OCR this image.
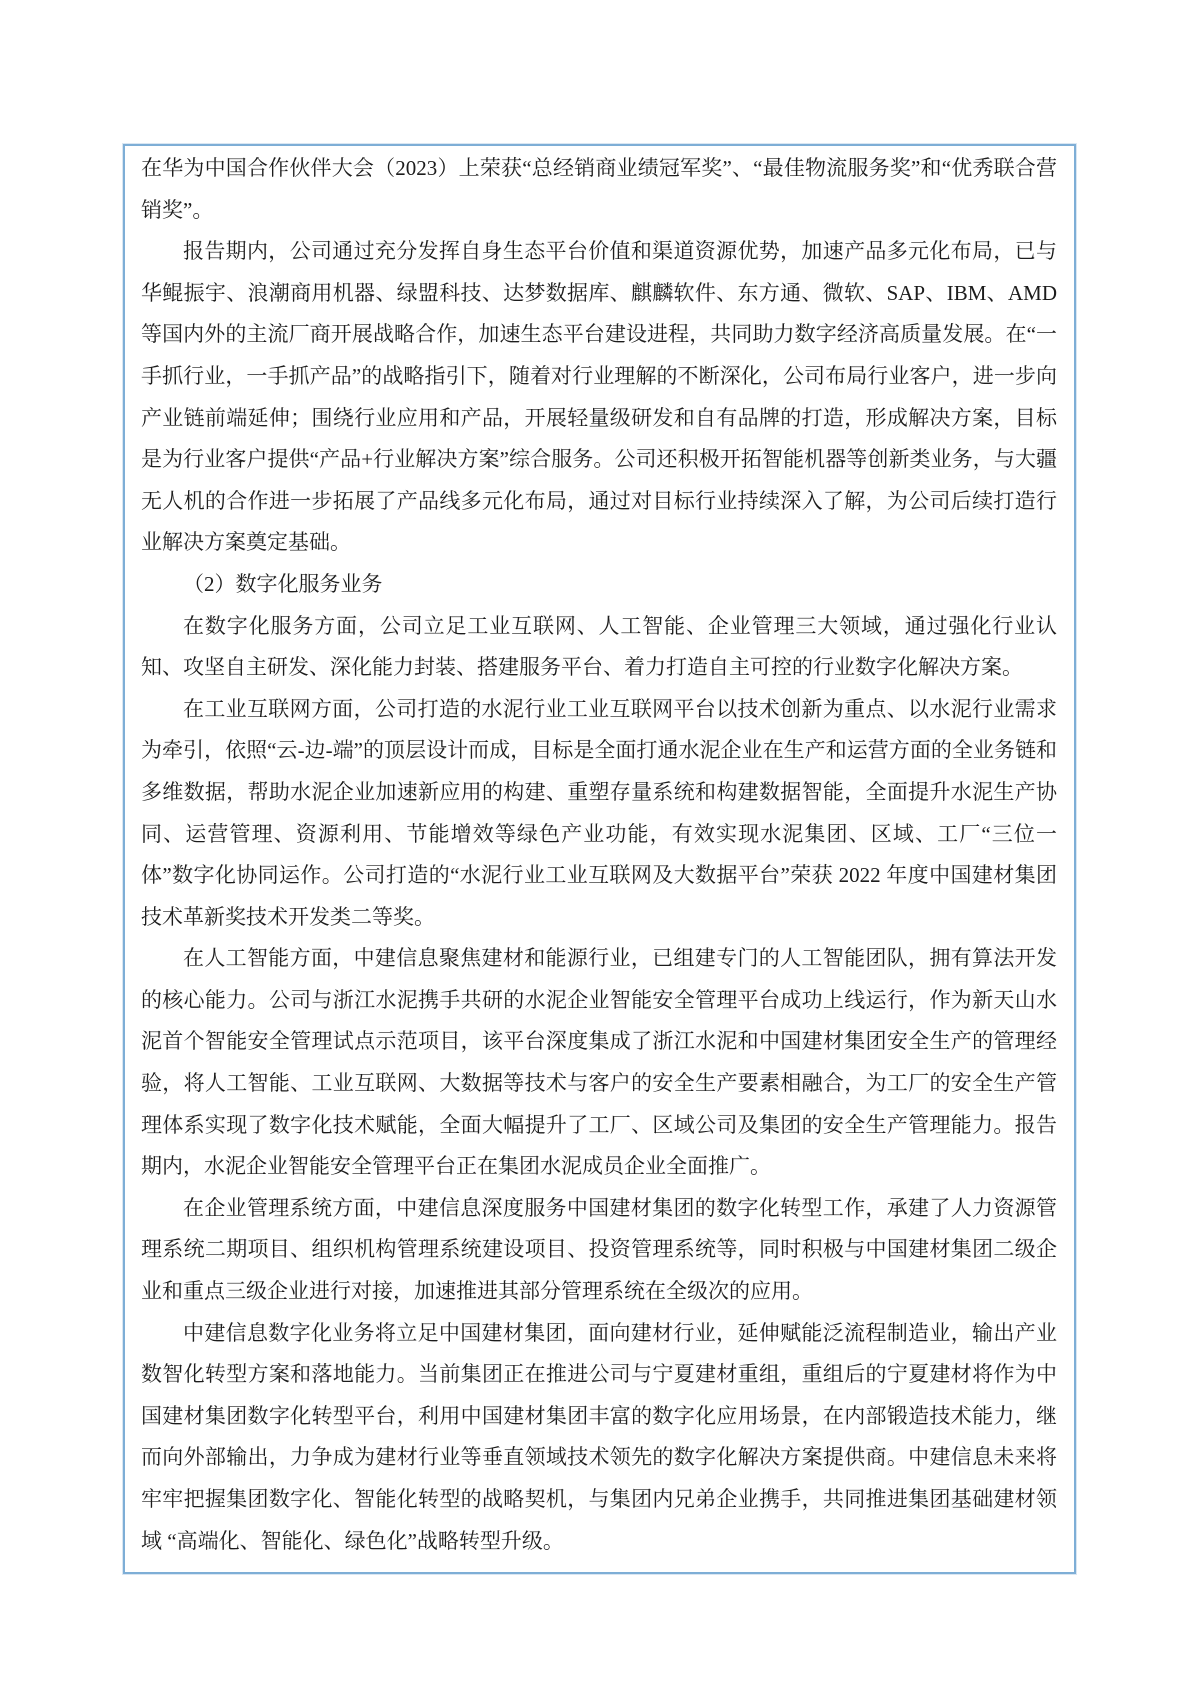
在华为中国合作伙伴大会（2023）上荣获“总经销商业绩冠军奖”、“最佳物流服务奖”和“优秀联合营销奖”。

报告期内，公司通过充分发挥自身生态平台价值和渠道资源优势，加速产品多元化布局，已与华鲲振宇、浪潮商用机器、绿盟科技、达梦数据库、麒麟软件、东方通、微软、SAP、IBM、AMD 等国内外的主流厂商开展战略合作，加速生态平台建设进程，共同助力数字经济高质量发展。在“一手抓行业，一手抓产品”的战略指引下，随着对行业理解的不断深化，公司布局行业客户，进一步向产业链前端延伸；围绕行业应用和产品，开展轻量级研发和自有品牌的打造，形成解决方案，目标是为行业客户提供“产品+行业解决方案”综合服务。公司还积极开拓智能机器等创新类业务，与大疆无人机的合作进一步拓展了产品线多元化布局，通过对目标行业持续深入了解，为公司后续打造行业解决方案奠定基础。

（2）数字化服务业务

在数字化服务方面，公司立足工业互联网、人工智能、企业管理三大领域，通过强化行业认知、攻坚自主研发、深化能力封装、搭建服务平台、着力打造自主可控的行业数字化解决方案。

在工业互联网方面，公司打造的水泥行业工业互联网平台以技术创新为重点、以水泥行业需求为牵引，依照“云-边-端”的顶层设计而成，目标是全面打通水泥企业在生产和运营方面的全业务链和多维数据，帮助水泥企业加速新应用的构建、重塑存量系统和构建数据智能，全面提升水泥生产协同、运营管理、资源利用、节能增效等绿色产业功能，有效实现水泥集团、区域、工厂“三位一体”数字化协同运作。公司打造的“水泥行业工业互联网及大数据平台”荣获 2022 年度中国建材集团技术革新奖技术开发类二等奖。

在人工智能方面，中建信息聚焦建材和能源行业，已组建专门的人工智能团队，拥有算法开发的核心能力。公司与浙江水泥携手共研的水泥企业智能安全管理平台成功上线运行，作为新天山水泥首个智能安全管理试点示范项目，该平台深度集成了浙江水泥和中国建材集团安全生产的管理经验，将人工智能、工业互联网、大数据等技术与客户的安全生产要素相融合，为工厂的安全生产管理体系实现了数字化技术赋能，全面大幅提升了工厂、区域公司及集团的安全生产管理能力。报告期内，水泥企业智能安全管理平台正在集团水泥成员企业全面推广。

在企业管理系统方面，中建信息深度服务中国建材集团的数字化转型工作，承建了人力资源管理系统二期项目、组织机构管理系统建设项目、投资管理系统等，同时积极与中国建材集团二级企业和重点三级企业进行对接，加速推进其部分管理系统在全级次的应用。

中建信息数字化业务将立足中国建材集团，面向建材行业，延伸赋能泛流程制造业，输出产业数智化转型方案和落地能力。当前集团正在推进公司与宁夏建材重组，重组后的宁夏建材将作为中国建材集团数字化转型平台，利用中国建材集团丰富的数字化应用场景，在内部锻造技术能力，继而向外部输出，力争成为建材行业等垂直领域技术领先的数字化解决方案提供商。中建信息未来将牢牢把握集团数字化、智能化转型的战略契机，与集团内兄弟企业携手，共同推进集团基础建材领域 “高端化、智能化、绿色化”战略转型升级。
